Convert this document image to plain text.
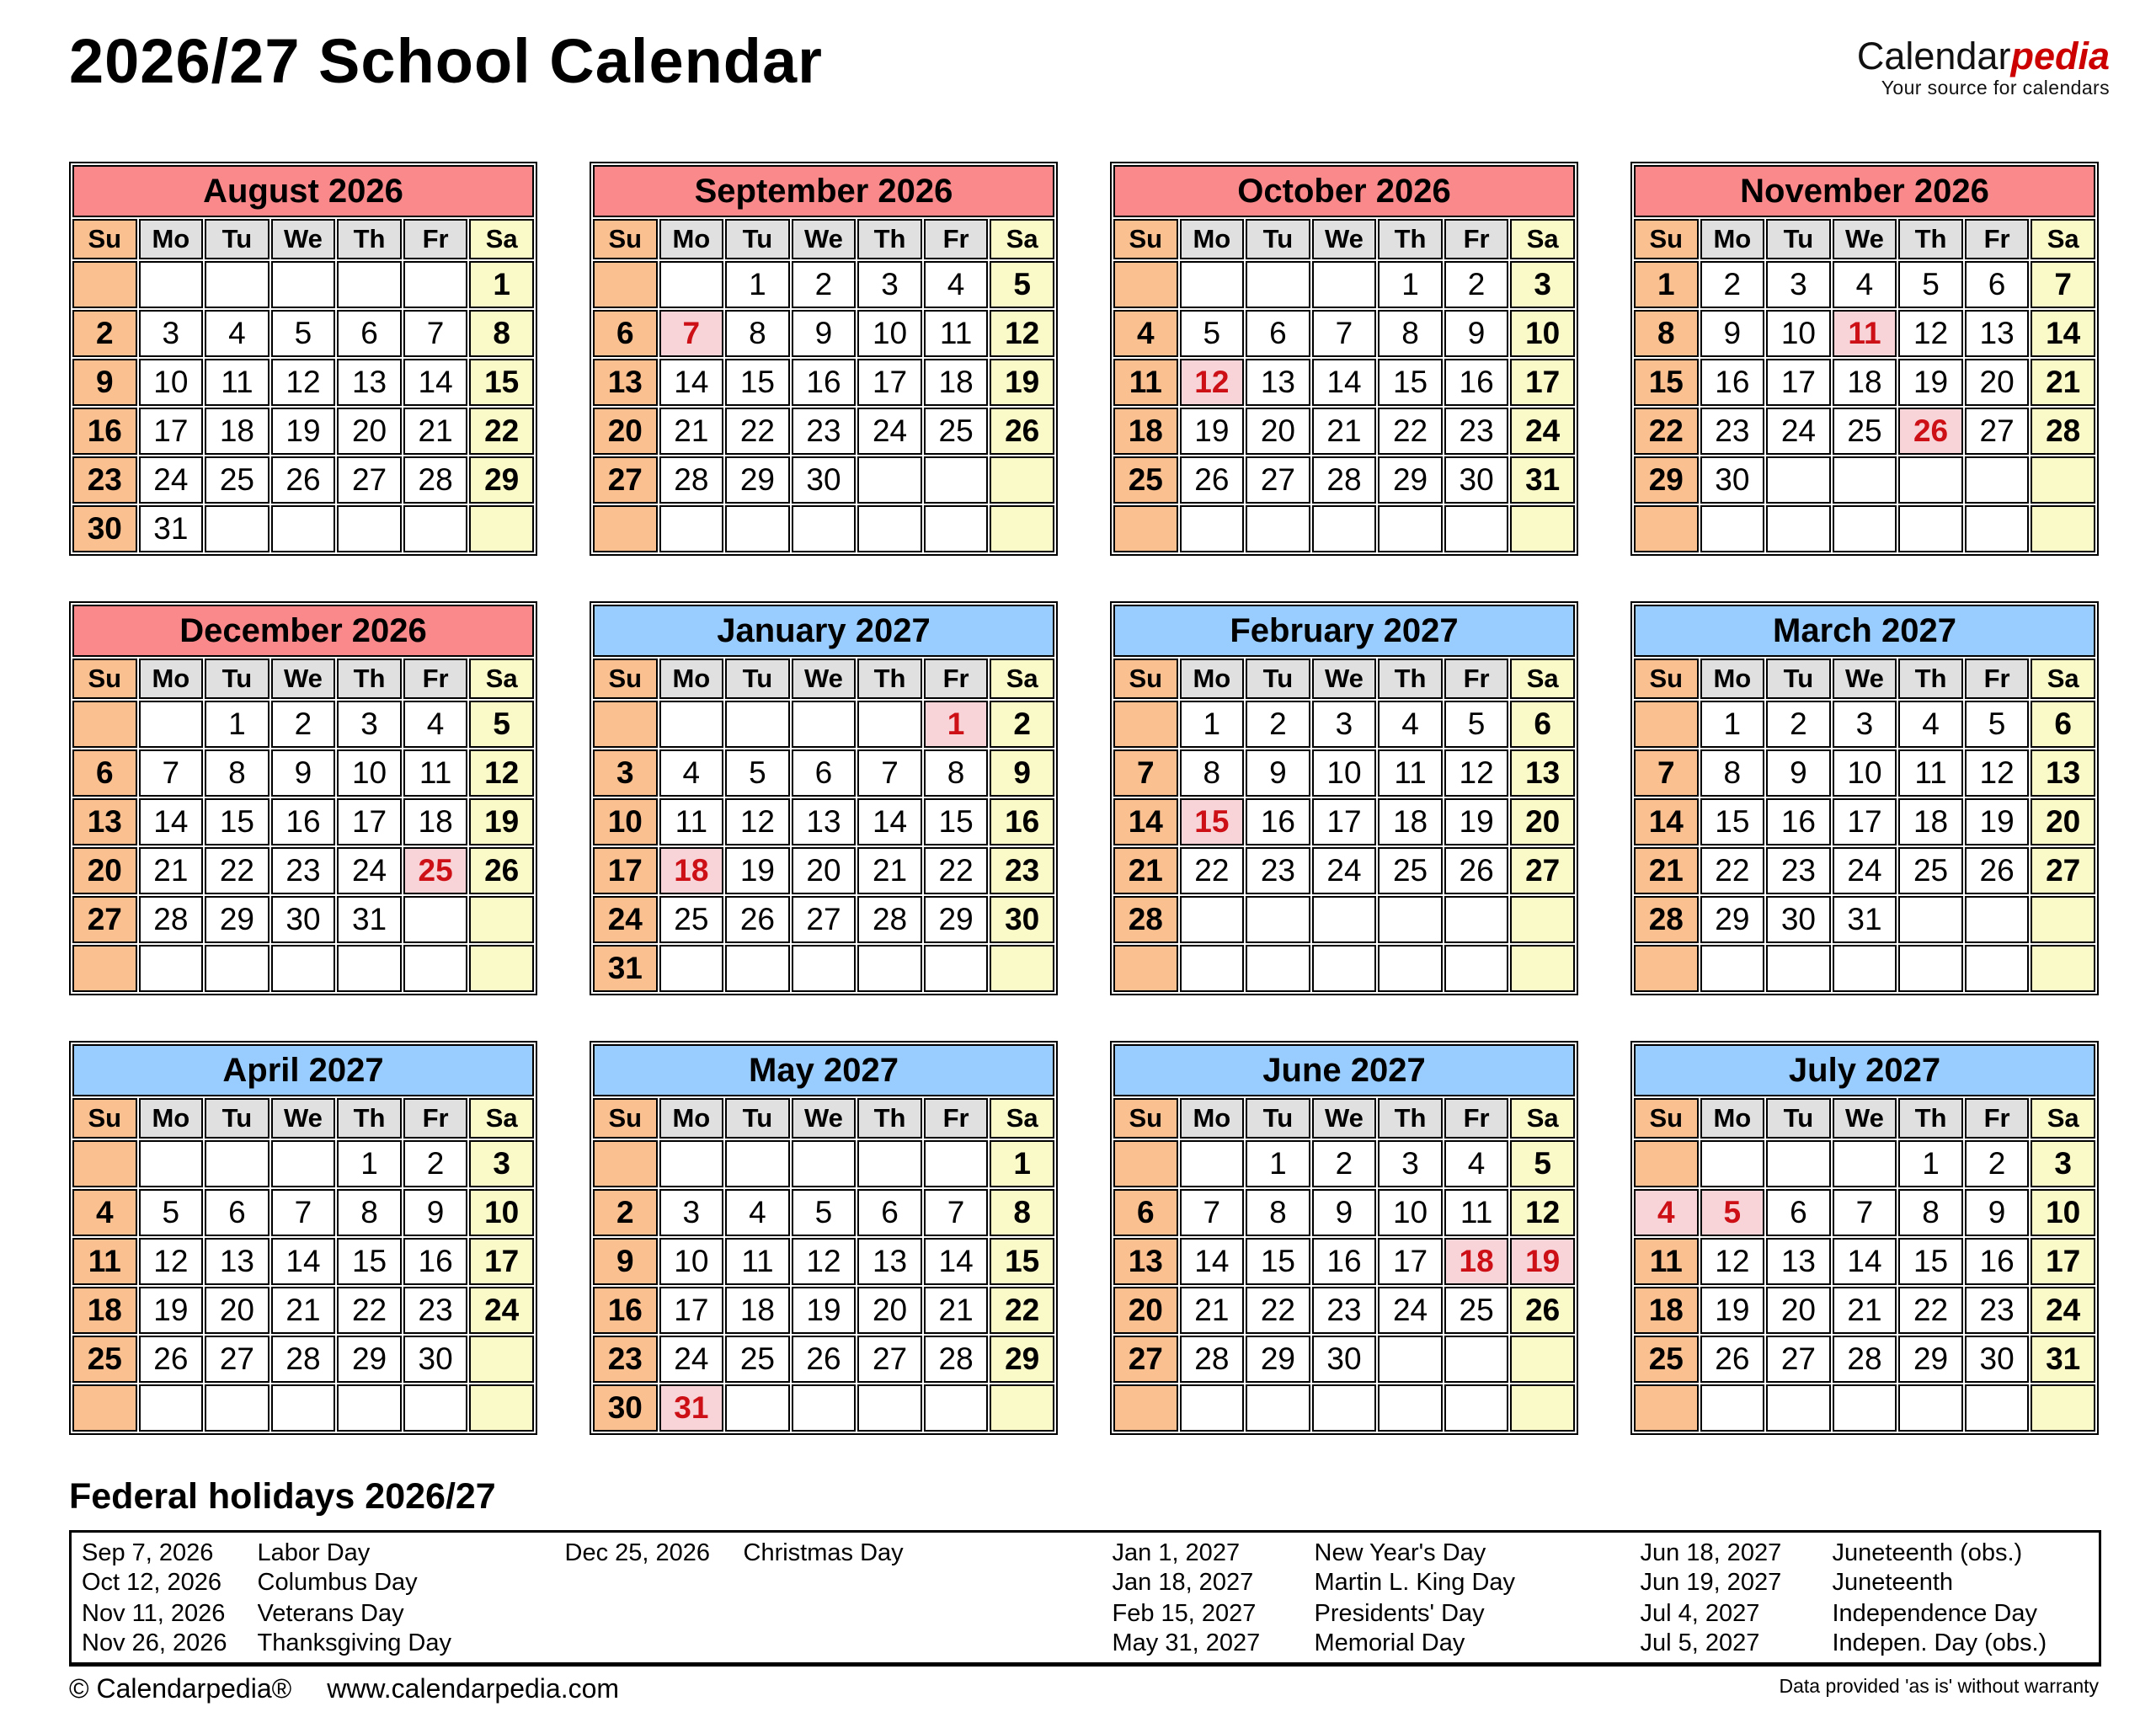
2026/27 School Calendar	Calendarpedia
Your source for calendars
August 2026						
Su	Mo	Tu	We	Th	Fr	Sa
						1
2	3	4	5	6	7	8
9	10	11	12	13	14	15
16	17	18	19	20	21	22
23	24	25	26	27	28	29
30	31					
September 2026						
Su	Mo	Tu	We	Th	Fr	Sa
		1	2	3	4	5
6	7	8	9	10	11	12
13	14	15	16	17	18	19
20	21	22	23	24	25	26
27	28	29	30			

October 2026						
Su	Mo	Tu	We	Th	Fr	Sa
				1	2	3
4	5	6	7	8	9	10
11	12	13	14	15	16	17
18	19	20	21	22	23	24
25	26	27	28	29	30	31

November 2026						
Su	Mo	Tu	We	Th	Fr	Sa
1	2	3	4	5	6	7
8	9	10	11	12	13	14
15	16	17	18	19	20	21
22	23	24	25	26	27	28
29	30					

December 2026						
Su	Mo	Tu	We	Th	Fr	Sa
		1	2	3	4	5
6	7	8	9	10	11	12
13	14	15	16	17	18	19
20	21	22	23	24	25	26
27	28	29	30	31		

January 2027						
Su	Mo	Tu	We	Th	Fr	Sa
					1	2
3	4	5	6	7	8	9
10	11	12	13	14	15	16
17	18	19	20	21	22	23
24	25	26	27	28	29	30
31						
February 2027						
Su	Mo	Tu	We	Th	Fr	Sa
	1	2	3	4	5	6
7	8	9	10	11	12	13
14	15	16	17	18	19	20
21	22	23	24	25	26	27
28						

March 2027						
Su	Mo	Tu	We	Th	Fr	Sa
	1	2	3	4	5	6
7	8	9	10	11	12	13
14	15	16	17	18	19	20
21	22	23	24	25	26	27
28	29	30	31			

April 2027						
Su	Mo	Tu	We	Th	Fr	Sa
				1	2	3
4	5	6	7	8	9	10
11	12	13	14	15	16	17
18	19	20	21	22	23	24
25	26	27	28	29	30	

May 2027						
Su	Mo	Tu	We	Th	Fr	Sa
						1
2	3	4	5	6	7	8
9	10	11	12	13	14	15
16	17	18	19	20	21	22
23	24	25	26	27	28	29
30	31					
June 2027						
Su	Mo	Tu	We	Th	Fr	Sa
		1	2	3	4	5
6	7	8	9	10	11	12
13	14	15	16	17	18	19
20	21	22	23	24	25	26
27	28	29	30			

July 2027						
Su	Mo	Tu	We	Th	Fr	Sa
				1	2	3
4	5	6	7	8	9	10
11	12	13	14	15	16	17
18	19	20	21	22	23	24
25	26	27	28	29	30	31

Federal holidays 2026/27
Sep 7, 2026	Labor Day	Dec 25, 2026	Christmas Day	Jan 1, 2027	New Year's Day	Jun 18, 2027	Juneteenth (obs.)
Oct 12, 2026	Columbus Day			Jan 18, 2027	Martin L. King Day	Jun 19, 2027	Juneteenth
Nov 11, 2026	Veterans Day			Feb 15, 2027	Presidents' Day	Jul 4, 2027	Independence Day
Nov 26, 2026	Thanksgiving Day			May 31, 2027	Memorial Day	Jul 5, 2027	Indepen. Day (obs.)
© Calendarpedia® www.calendarpedia.com	Data provided 'as is' without warranty
